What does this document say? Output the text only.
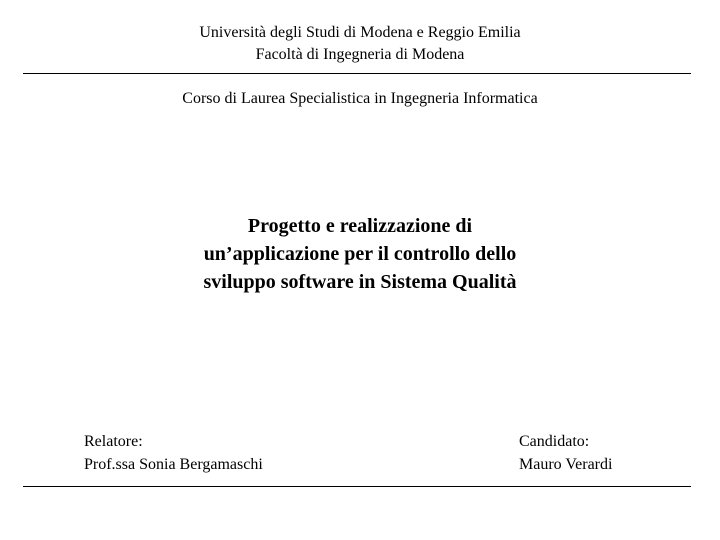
Università degli Studi di Modena e Reggio Emilia
Facoltà di Ingegneria di Modena
Corso di Laurea Specialistica in Ingegneria Informatica
Progetto e realizzazione di
un’applicazione per il controllo dello
sviluppo software in Sistema Qualità
Relatore:
Prof.ssa Sonia Bergamaschi
Candidato:
Mauro Verardi
